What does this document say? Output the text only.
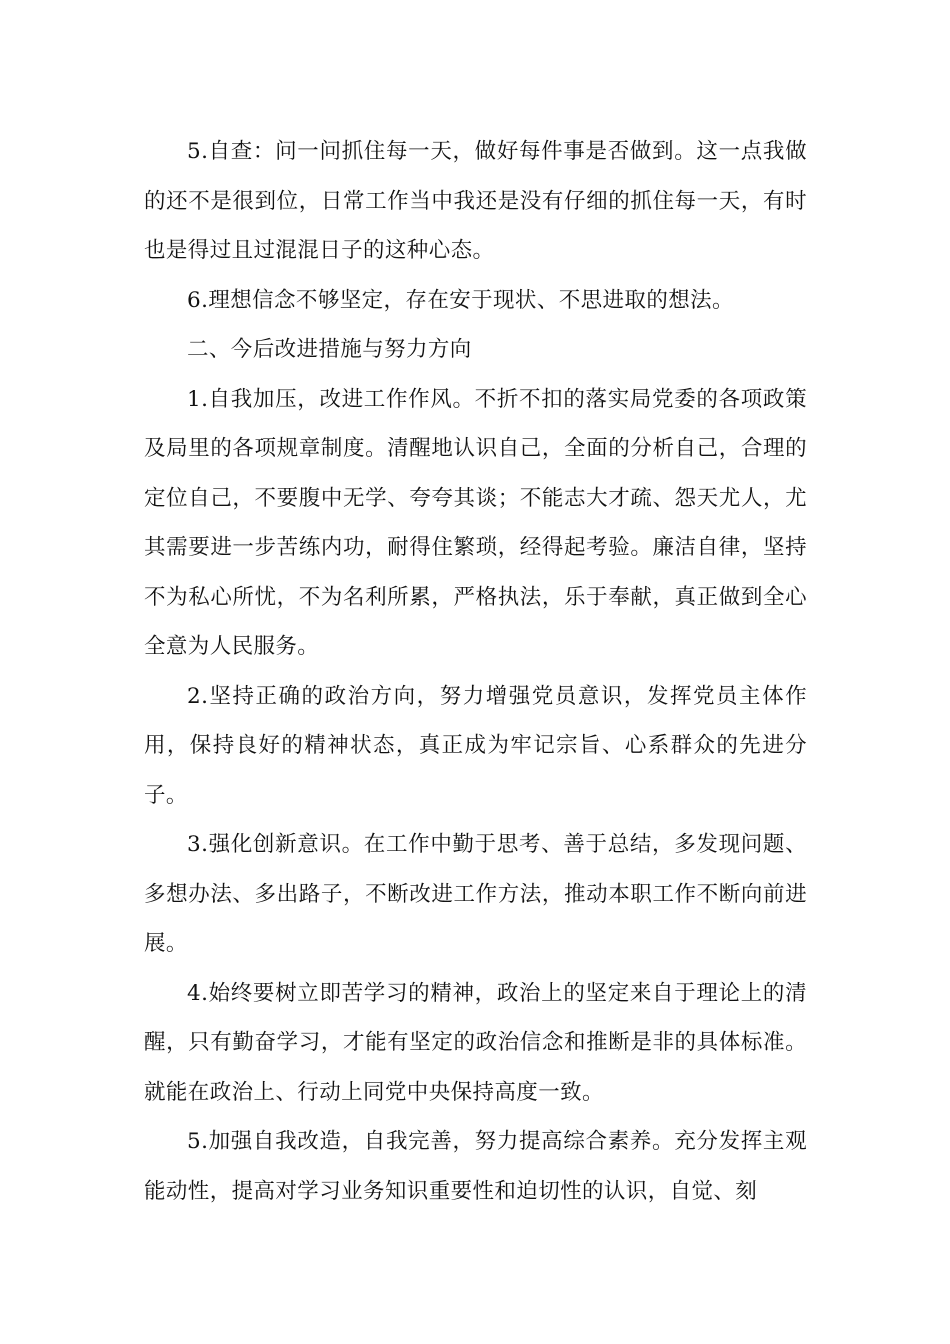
5.自查：问一问抓住每一天，做好每件事是否做到。这一点我做的还不是很到位，日常工作当中我还是没有仔细的抓住每一天，有时也是得过且过混混日子的这种心态。

6.理想信念不够坚定，存在安于现状、不思进取的想法。

二、今后改进措施与努力方向

1.自我加压，改进工作作风。不折不扣的落实局党委的各项政策及局里的各项规章制度。清醒地认识自己，全面的分析自己，合理的定位自己，不要腹中无学、夸夸其谈；不能志大才疏、怨天尤人，尤其需要进一步苦练内功，耐得住繁琐，经得起考验。廉洁自律，坚持不为私心所忧，不为名利所累，严格执法，乐于奉献，真正做到全心全意为人民服务。

2.坚持正确的政治方向，努力增强党员意识，发挥党员主体作用，保持良好的精神状态，真正成为牢记宗旨、心系群众的先进分子。

3.强化创新意识。在工作中勤于思考、善于总结，多发现问题、多想办法、多出路子，不断改进工作方法，推动本职工作不断向前进展。

4.始终要树立即苦学习的精神，政治上的坚定来自于理论上的清醒，只有勤奋学习，才能有坚定的政治信念和推断是非的具体标准。就能在政治上、行动上同党中央保持高度一致。

5.加强自我改造，自我完善，努力提高综合素养。充分发挥主观能动性，提高对学习业务知识重要性和迫切性的认识，自觉、刻
